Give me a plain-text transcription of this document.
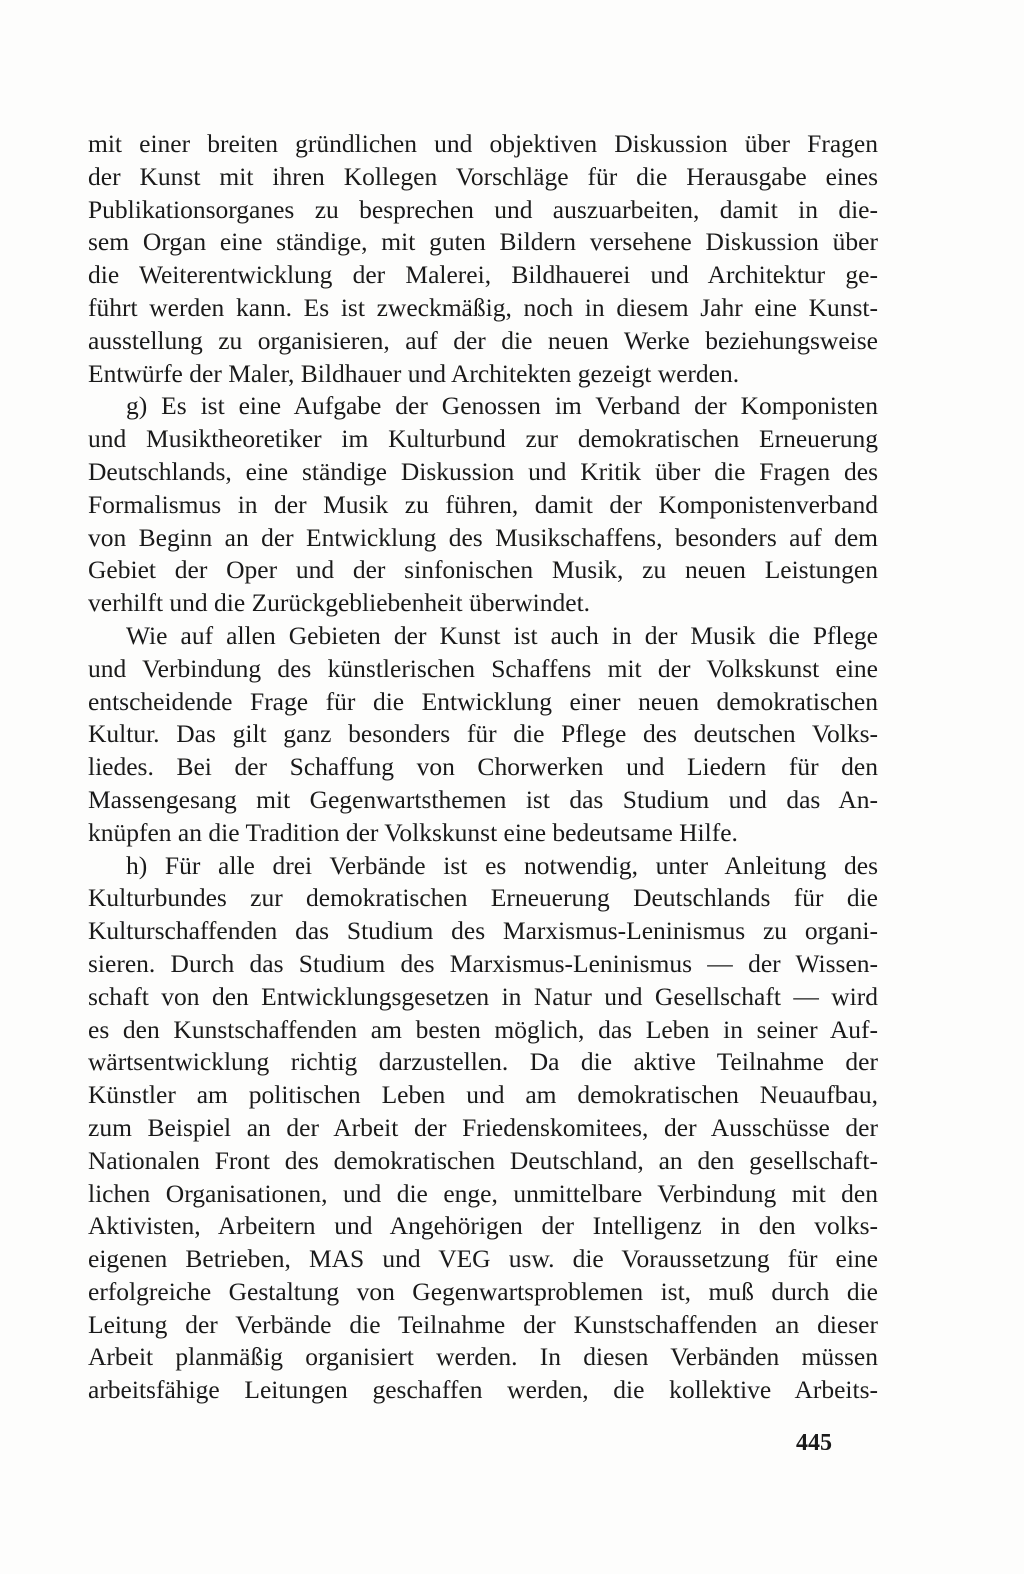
mit einer breiten gründlichen und objektiven Diskussion über Fragen
der Kunst mit ihren Kollegen Vorschläge für die Herausgabe eines
Publikationsorganes zu besprechen und auszuarbeiten, damit in die-
sem Organ eine ständige, mit guten Bildern versehene Diskussion über
die Weiterentwicklung der Malerei, Bildhauerei und Architektur ge-
führt werden kann. Es ist zweckmäßig, noch in diesem Jahr eine Kunst-
ausstellung zu organisieren, auf der die neuen Werke beziehungsweise
Entwürfe der Maler, Bildhauer und Architekten gezeigt werden.
g) Es ist eine Aufgabe der Genossen im Verband der Komponisten
und Musiktheoretiker im Kulturbund zur demokratischen Erneuerung
Deutschlands, eine ständige Diskussion und Kritik über die Fragen des
Formalismus in der Musik zu führen, damit der Komponistenverband
von Beginn an der Entwicklung des Musikschaffens, besonders auf dem
Gebiet der Oper und der sinfonischen Musik, zu neuen Leistungen
verhilft und die Zurückgebliebenheit überwindet.
Wie auf allen Gebieten der Kunst ist auch in der Musik die Pflege
und Verbindung des künstlerischen Schaffens mit der Volkskunst eine
entscheidende Frage für die Entwicklung einer neuen demokratischen
Kultur. Das gilt ganz besonders für die Pflege des deutschen Volks-
liedes. Bei der Schaffung von Chorwerken und Liedern für den
Massengesang mit Gegenwartsthemen ist das Studium und das An-
knüpfen an die Tradition der Volkskunst eine bedeutsame Hilfe.
h) Für alle drei Verbände ist es notwendig, unter Anleitung des
Kulturbundes zur demokratischen Erneuerung Deutschlands für die
Kulturschaffenden das Studium des Marxismus-Leninismus zu organi-
sieren. Durch das Studium des Marxismus-Leninismus — der Wissen-
schaft von den Entwicklungsgesetzen in Natur und Gesellschaft — wird
es den Kunstschaffenden am besten möglich, das Leben in seiner Auf-
wärtsentwicklung richtig darzustellen. Da die aktive Teilnahme der
Künstler am politischen Leben und am demokratischen Neuaufbau,
zum Beispiel an der Arbeit der Friedenskomitees, der Ausschüsse der
Nationalen Front des demokratischen Deutschland, an den gesellschaft-
lichen Organisationen, und die enge, unmittelbare Verbindung mit den
Aktivisten, Arbeitern und Angehörigen der Intelligenz in den volks-
eigenen Betrieben, MAS und VEG usw. die Voraussetzung für eine
erfolgreiche Gestaltung von Gegenwartsproblemen ist, muß durch die
Leitung der Verbände die Teilnahme der Kunstschaffenden an dieser
Arbeit planmäßig organisiert werden. In diesen Verbänden müssen
arbeitsfähige Leitungen geschaffen werden, die kollektive Arbeits-
445
